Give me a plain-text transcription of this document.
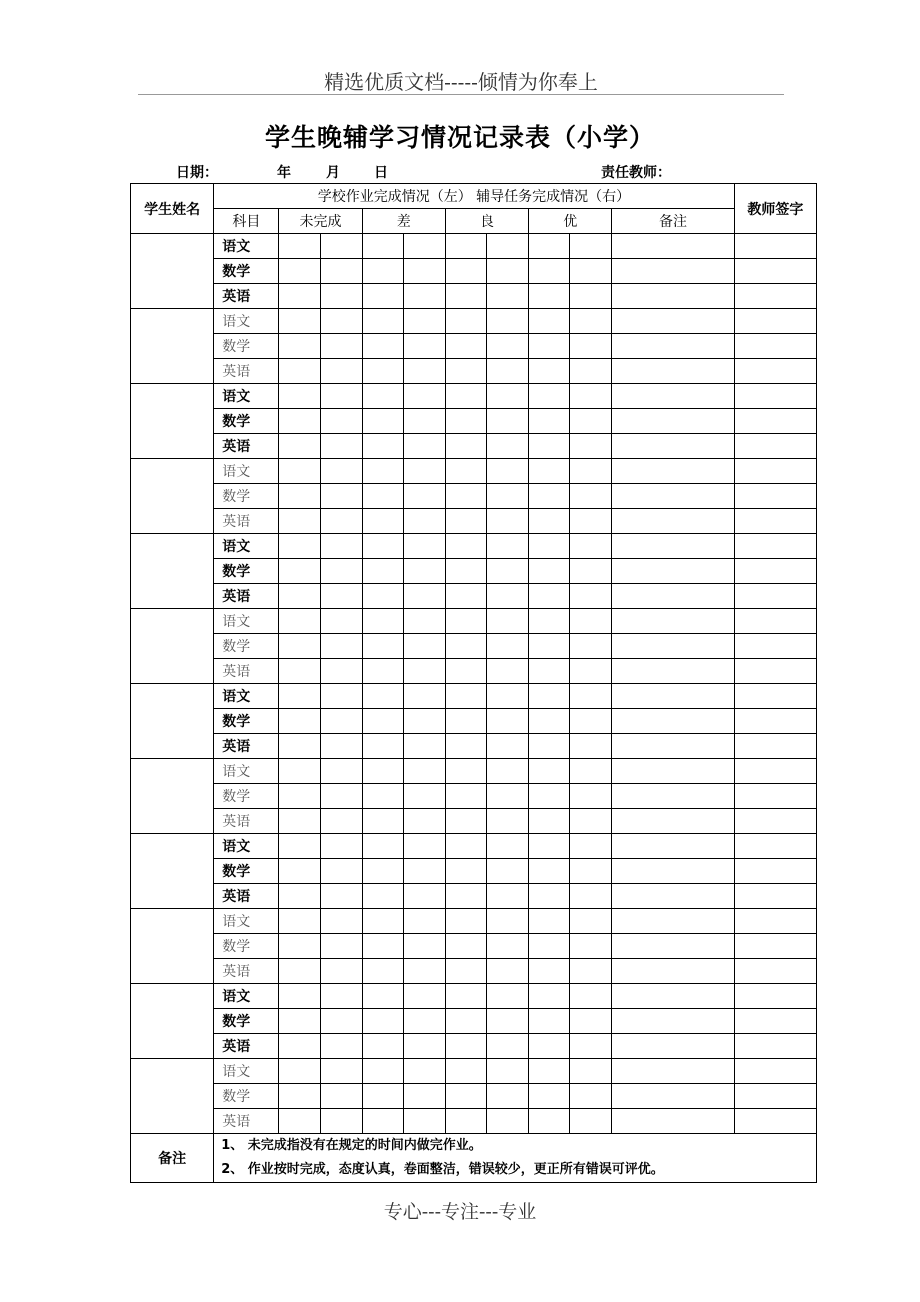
精选优质文档-----倾情为你奉上
学生晚辅学习情况记录表（小学）
日期：	年	月 日	责任教师：
学生姓名	学校作业完成情况（左） 辅导任务完成情况（右）										教师签字
	科目	未完成		差		良		优		备注	
	语文										
	数学										
	英语										
	语文										
	数学										
	英语										
	语文										
	数学										
	英语										
	语文										
	数学										
	英语										
	语文										
	数学										
	英语										
	语文										
	数学										
	英语										
	语文										
	数学										
	英语										
	语文										
	数学										
	英语										
	语文										
	数学										
	英语										
	语文										
	数学										
	英语										
	语文										
	数学										
	英语										
	语文										
	数学										
	英语										
备注	1、 未完成指没有在规定的时间内做完作业。
2、 作业按时完成，态度认真，卷面整洁，错误较少，更正所有错误可评优。										
专心---专注---专业
